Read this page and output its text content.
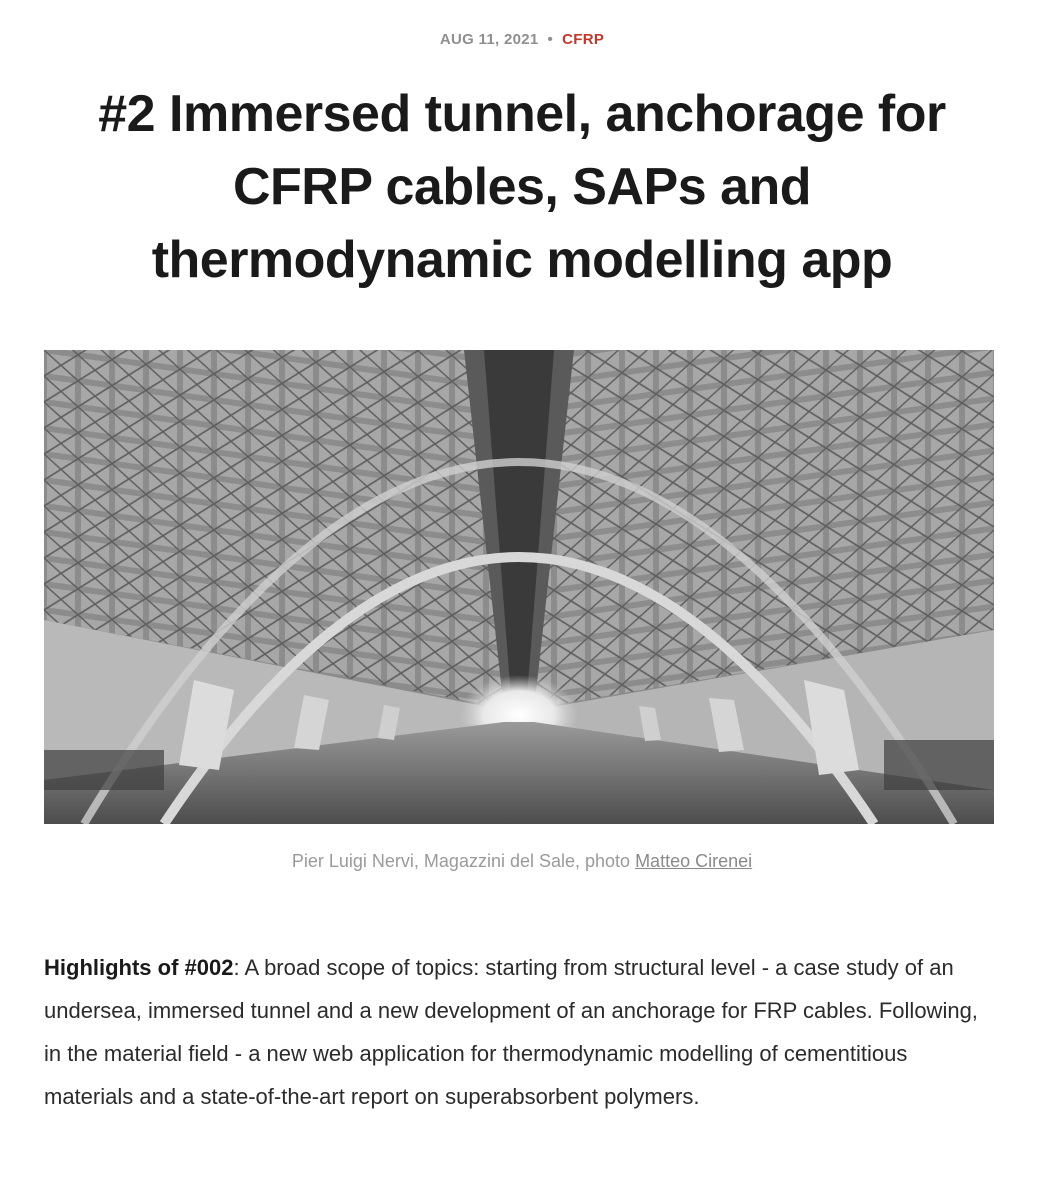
AUG 11, 2021 • CFRP
#2 Immersed tunnel, anchorage for CFRP cables, SAPs and thermodynamic modelling app
Pier Luigi Nervi, Magazzini del Sale, photo Matteo Cirenei

Highlights of #002: A broad scope of topics: starting from structural level - a case study of an undersea, immersed tunnel and a new development of an anchorage for FRP cables. Following, in the material field - a new web application for thermodynamic modelling of cementitious materials and a state-of-the-art report on superabsorbent polymers.
